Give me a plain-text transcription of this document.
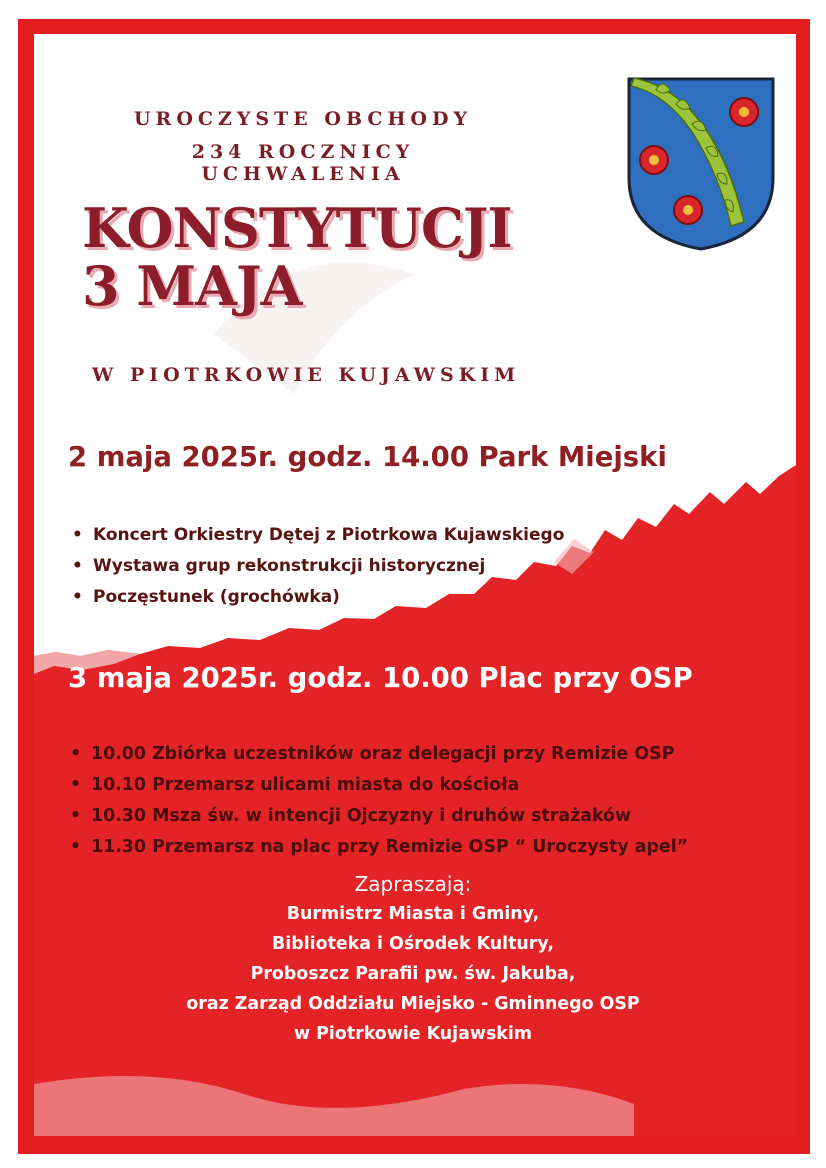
UROCZYSTE OBCHODY
234 ROCZNICY UCHWALENIA
KONSTYTUCJI
3 MAJA
W PIOTRKOWIE KUJAWSKIM
2 maja 2025r. godz. 14.00 Park Miejski
• Koncert Orkiestry Dętej z Piotrkowa Kujawskiego
• Wystawa grup rekonstrukcji historycznej
• Poczęstunek (grochówka)
3 maja 2025r. godz. 10.00 Plac przy OSP
• 10.00 Zbiórka uczestników oraz delegacji przy Remizie OSP
• 10.10 Przemarsz ulicami miasta do kościoła
• 10.30 Msza św. w intencji Ojczyzny i druhów strażaków
• 11.30 Przemarsz na plac przy Remizie OSP “ Uroczysty apel”
Zapraszają:
Burmistrz Miasta i Gminy,
Biblioteka i Ośrodek Kultury,
Proboszcz Parafii pw. św. Jakuba,
oraz Zarząd Oddziału Miejsko - Gminnego OSP
w Piotrkowie Kujawskim
